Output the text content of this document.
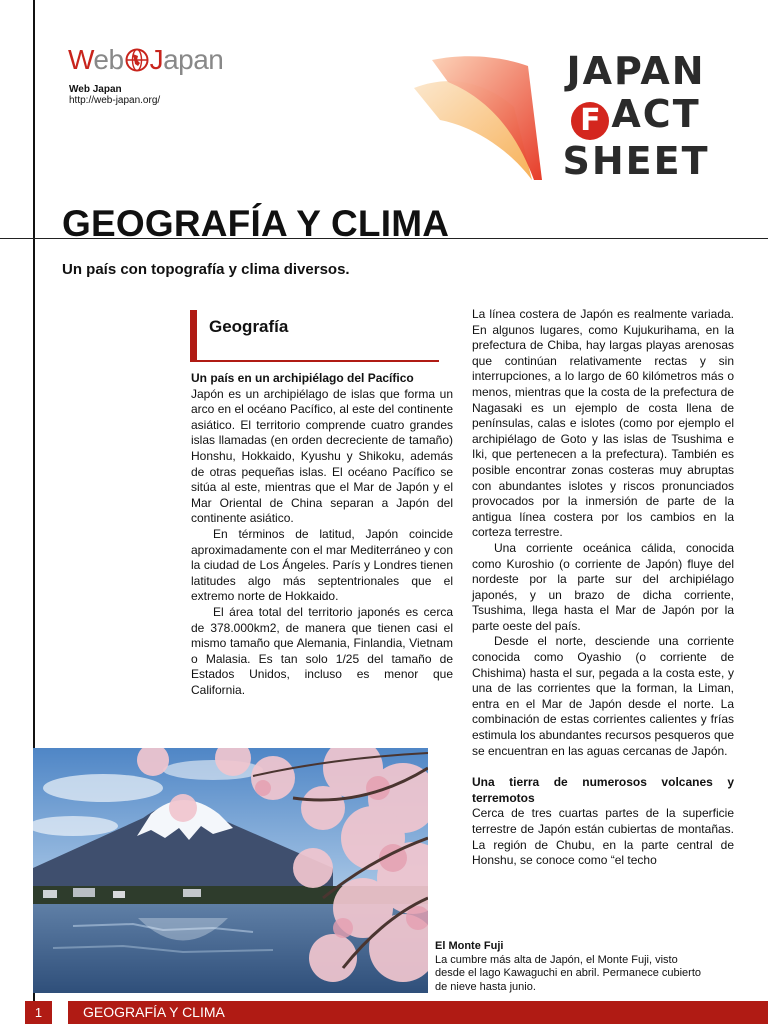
Web Japan
Web Japan
http://web-japan.org/
JAPAN
F ACT
SHEET
GEOGRAFÍA Y CLIMA
Un país con topografía y clima diversos.
Geografía
Un país en un archipiélago del Pacífico

Japón es un archipiélago de islas que forma un arco en el océano Pacífico, al este del continente asiático. El territorio comprende cuatro grandes islas llamadas (en orden decreciente de tamaño) Honshu, Hokkaido, Kyushu y Shikoku, además de otras pequeñas islas. El océano Pacífico se sitúa al este, mientras que el Mar de Japón y el Mar Oriental de China separan a Japón del continente asiático.

En términos de latitud, Japón coincide aproximadamente con el mar Mediterráneo y con la ciudad de Los Ángeles. París y Londres tienen latitudes algo más septentrionales que el extremo norte de Hokkaido.

El área total del territorio japonés es cerca de 378.000km2, de manera que tienen casi el mismo tamaño que Alemania, Finlandia, Vietnam o Malasia. Es tan solo 1/25 del tamaño de Estados Unidos, incluso es menor que California.

La línea costera de Japón es realmente variada. En algunos lugares, como Kujukurihama, en la prefectura de Chiba, hay largas playas arenosas que continúan relativamente rectas y sin interrupciones, a lo largo de 60 kilómetros más o menos, mientras que la costa de la prefectura de Nagasaki es un ejemplo de costa llena de penínsulas, calas e islotes (como por ejemplo el archipiélago de Goto y las islas de Tsushima e Iki, que pertenecen a la prefectura). También es posible encontrar zonas costeras muy abruptas con abundantes islotes y riscos pronunciados provocados por la inmersión de parte de la antigua línea costera por los cambios en la corteza terrestre.

Una corriente oceánica cálida, conocida como Kuroshio (o corriente de Japón) fluye del nordeste por la parte sur del archipiélago japonés, y un brazo de dicha corriente, Tsushima, llega hasta el Mar de Japón por la parte oeste del país.

Desde el norte, desciende una corriente conocida como Oyashio (o corriente de Chishima) hasta el sur, pegada a la costa este, y una de las corrientes que la forman, la Liman, entra en el Mar de Japón desde el norte. La combinación de estas corrientes calientes y frías estimula los abundantes recursos pesqueros que se encuentran en las aguas cercanas de Japón.

Una tierra de numerosos volcanes y terremotos

Cerca de tres cuartas partes de la superficie terrestre de Japón están cubiertas de montañas. La región de Chubu, en la parte central de Honshu, se conoce como “el techo

El Monte Fuji

La cumbre más alta de Japón, el Monte Fuji, visto desde el lago Kawaguchi en abril. Permanece cubierto de nieve hasta junio.

1	GEOGRAFÍA Y CLIMA
